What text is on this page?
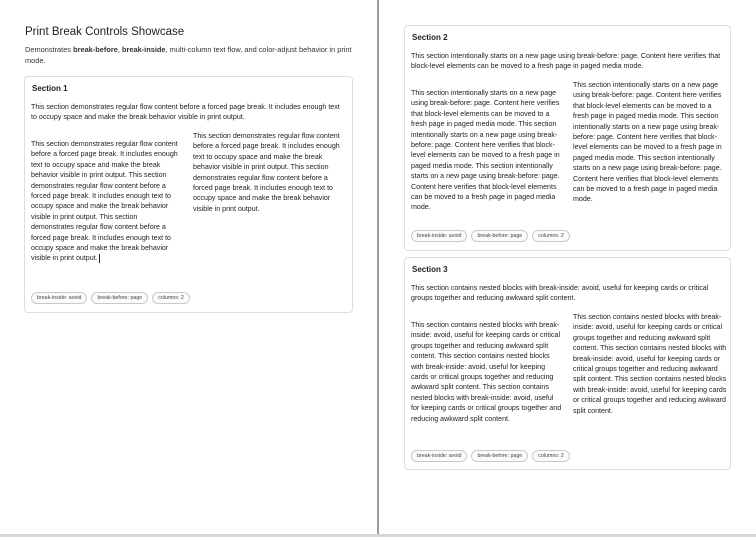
Print Break Controls Showcase

Demonstrates break-before, break-inside, multi-column text flow, and color-adjust behavior in print mode.

Section 1

This section demonstrates regular flow content before a forced page break. It includes enough text to occupy space and make the break behavior visible in print output.

This section demonstrates regular flow content before a forced page break. It includes enough text to occupy space and make the break behavior visible in print output. This section demonstrates regular flow content before a forced page break. It includes enough text to occupy space and make the break behavior visible in print output. This section demonstrates regular flow content before a forced page break. It includes enough text to occupy space and make the break behavior visible in print output.

This section demonstrates regular flow content before a forced page break. It includes enough text to occupy space and make the break behavior visible in print output. This section demonstrates regular flow content before a forced page break. It includes enough text to occupy space and make the break behavior visible in print output.

break-inside: avoid	break-before: page	columns: 2
Section 2

This section intentionally starts on a new page using break-before: page. Content here verifies that block-level elements can be moved to a fresh page in paged media mode.

This section intentionally starts on a new page using break-before: page. Content here verifies that block-level elements can be moved to a fresh page in paged media mode. This section intentionally starts on a new page using break-before: page. Content here verifies that block-level elements can be moved to a fresh page in paged media mode. This section intentionally starts on a new page using break-before: page. Content here verifies that block-level elements can be moved to a fresh page in paged media mode.

This section intentionally starts on a new page using break-before: page. Content here verifies that block-level elements can be moved to a fresh page in paged media mode. This section intentionally starts on a new page using break-before: page. Content here verifies that block-level elements can be moved to a fresh page in paged media mode. This section intentionally starts on a new page using break-before: page. Content here verifies that block-level elements can be moved to a fresh page in paged media mode.

break-inside: avoid	break-before: page	columns: 2
Section 3

This section contains nested blocks with break-inside: avoid, useful for keeping cards or critical groups together and reducing awkward split content.

This section contains nested blocks with break-inside: avoid, useful for keeping cards or critical groups together and reducing awkward split content. This section contains nested blocks with break-inside: avoid, useful for keeping cards or critical groups together and reducing awkward split content. This section contains nested blocks with break-inside: avoid, useful for keeping cards or critical groups together and reducing awkward split content.

This section contains nested blocks with break-inside: avoid, useful for keeping cards or critical groups together and reducing awkward split content. This section contains nested blocks with break-inside: avoid, useful for keeping cards or critical groups together and reducing awkward split content. This section contains nested blocks with break-inside: avoid, useful for keeping cards or critical groups together and reducing awkward split content.

break-inside: avoid	break-before: page	columns: 2
